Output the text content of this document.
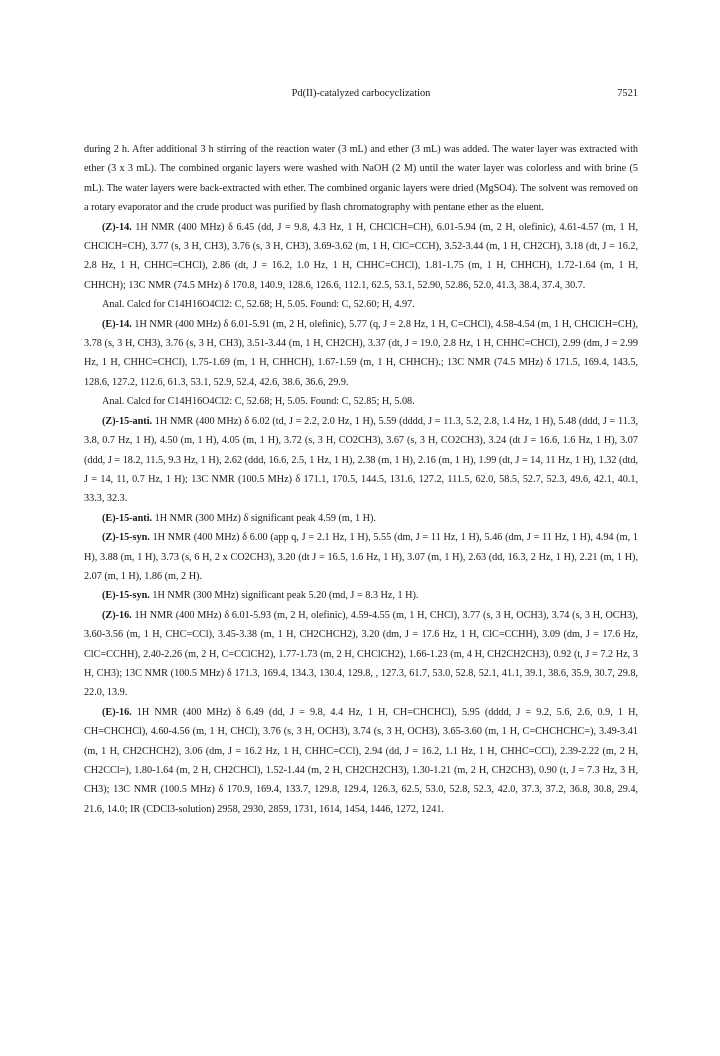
Pd(II)-catalyzed carbocyclization	7521

during 2 h. After additional 3 h stirring of the reaction water (3 mL) and ether (3 mL) was added. The water layer was extracted with ether (3 x 3 mL). The combined organic layers were washed with NaOH (2 M) until the water layer was colorless and with brine (5 mL). The water layers were back-extracted with ether. The combined organic layers were dried (MgSO4). The solvent was removed on a rotary evaporator and the crude product was purified by flash chromatography with pentane ether as the eluent.

(Z)-14. 1H NMR (400 MHz) δ 6.45 (dd, J = 9.8, 4.3 Hz, 1 H, CHClCH=CH), 6.01-5.94 (m, 2 H, olefinic), 4.61-4.57 (m, 1 H, CHClCH=CH), 3.77 (s, 3 H, CH3), 3.76 (s, 3 H, CH3), 3.69-3.62 (m, 1 H, ClC=CCH), 3.52-3.44 (m, 1 H, CH2CH), 3.18 (dt, J = 16.2, 2.8 Hz, 1 H, CHHC=CHCl), 2.86 (dt, J = 16.2, 1.0 Hz, 1 H, CHHC=CHCl), 1.81-1.75 (m, 1 H, CHHCH), 1.72-1.64 (m, 1 H, CHHCH); 13C NMR (74.5 MHz) δ 170.8, 140.9, 128.6, 126.6, 112.1, 62.5, 53.1, 52.90, 52.86, 52.0, 41.3, 38.4, 37.4, 30.7.

Anal. Calcd for C14H16O4Cl2: C, 52.68; H, 5.05. Found: C, 52.60; H, 4.97.

(E)-14. 1H NMR (400 MHz) δ 6.01-5.91 (m, 2 H, olefinic), 5.77 (q, J = 2.8 Hz, 1 H, C=CHCl), 4.58-4.54 (m, 1 H, CHClCH=CH), 3.78 (s, 3 H, CH3), 3.76 (s, 3 H, CH3), 3.51-3.44 (m, 1 H, CH2CH), 3.37 (dt, J = 19.0, 2.8 Hz, 1 H, CHHC=CHCl), 2.99 (dm, J = 2.99 Hz, 1 H, CHHC=CHCl), 1.75-1.69 (m, 1 H, CHHCH), 1.67-1.59 (m, 1 H, CHHCH).; 13C NMR (74.5 MHz) δ 171.5, 169.4, 143.5, 128.6, 127.2, 112.6, 61.3, 53.1, 52.9, 52.4, 42.6, 38.6, 36.6, 29.9.

Anal. Calcd for C14H16O4Cl2: C, 52.68; H, 5.05. Found: C, 52.85; H, 5.08.

(Z)-15-anti. 1H NMR (400 MHz) δ 6.02 (td, J = 2.2, 2.0 Hz, 1 H), 5.59 (dddd, J = 11.3, 5.2, 2.8, 1.4 Hz, 1 H), 5.48 (ddd, J = 11.3, 3.8, 0.7 Hz, 1 H), 4.50 (m, 1 H), 4.05 (m, 1 H), 3.72 (s, 3 H, CO2CH3), 3.67 (s, 3 H, CO2CH3), 3.24 (dt J = 16.6, 1.6 Hz, 1 H), 3.07 (ddd, J = 18.2, 11.5, 9.3 Hz, 1 H), 2.62 (ddd, 16.6, 2.5, 1 Hz, 1 H), 2.38 (m, 1 H), 2.16 (m, 1 H), 1.99 (dt, J = 14, 11 Hz, 1 H), 1.32 (dtd, J = 14, 11, 0.7 Hz, 1 H); 13C NMR (100.5 MHz) δ 171.1, 170.5, 144.5, 131.6, 127.2, 111.5, 62.0, 58.5, 52.7, 52.3, 49.6, 42.1, 40.1, 33.3, 32.3.

(E)-15-anti. 1H NMR (300 MHz) δ significant peak 4.59 (m, 1 H).

(Z)-15-syn. 1H NMR (400 MHz) δ 6.00 (app q, J = 2.1 Hz, 1 H), 5.55 (dm, J = 11 Hz, 1 H), 5.46 (dm, J = 11 Hz, 1 H), 4.94 (m, 1 H), 3.88 (m, 1 H), 3.73 (s, 6 H, 2 x CO2CH3), 3.20 (dt J = 16.5, 1.6 Hz, 1 H), 3.07 (m, 1 H), 2.63 (dd, 16.3, 2 Hz, 1 H), 2.21 (m, 1 H), 2.07 (m, 1 H), 1.86 (m, 2 H).

(E)-15-syn. 1H NMR (300 MHz) significant peak 5.20 (md, J = 8.3 Hz, 1 H).

(Z)-16. 1H NMR (400 MHz) δ 6.01-5.93 (m, 2 H, olefinic), 4.59-4.55 (m, 1 H, CHCl), 3.77 (s, 3 H, OCH3), 3.74 (s, 3 H, OCH3), 3.60-3.56 (m, 1 H, CHC=CCl), 3.45-3.38 (m, 1 H, CH2CHCH2), 3.20 (dm, J = 17.6 Hz, 1 H, ClC=CCHH), 3.09 (dm, J = 17.6 Hz, ClC=CCHH), 2.40-2.26 (m, 2 H, C=CClCH2), 1.77-1.73 (m, 2 H, CHClCH2), 1.66-1.23 (m, 4 H, CH2CH2CH3), 0.92 (t, J = 7.2 Hz, 3 H, CH3); 13C NMR (100.5 MHz) δ 171.3, 169.4, 134.3, 130.4, 129.8, , 127.3, 61.7, 53.0, 52.8, 52.1, 41.1, 39.1, 38.6, 35.9, 30.7, 29.8, 22.0, 13.9.

(E)-16. 1H NMR (400 MHz) δ 6.49 (dd, J = 9.8, 4.4 Hz, 1 H, CH=CHCHCl), 5.95 (dddd, J = 9.2, 5.6, 2.6, 0.9, 1 H, CH=CHCHCl), 4.60-4.56 (m, 1 H, CHCl), 3.76 (s, 3 H, OCH3), 3.74 (s, 3 H, OCH3), 3.65-3.60 (m, 1 H, C=CHCHCHC=), 3.49-3.41 (m, 1 H, CH2CHCH2), 3.06 (dm, J = 16.2 Hz, 1 H, CHHC=CCl), 2.94 (dd, J = 16.2, 1.1 Hz, 1 H, CHHC=CCl), 2.39-2.22 (m, 2 H, CH2CCl=), 1.80-1.64 (m, 2 H, CH2CHCl), 1.52-1.44 (m, 2 H, CH2CH2CH3), 1.30-1.21 (m, 2 H, CH2CH3), 0.90 (t, J = 7.3 Hz, 3 H, CH3); 13C NMR (100.5 MHz) δ 170.9, 169.4, 133.7, 129.8, 129.4, 126.3, 62.5, 53.0, 52.8, 52.3, 42.0, 37.3, 37.2, 36.8, 30.8, 29.4, 21.6, 14.0; IR (CDCl3-solution) 2958, 2930, 2859, 1731, 1614, 1454, 1446, 1272, 1241.
